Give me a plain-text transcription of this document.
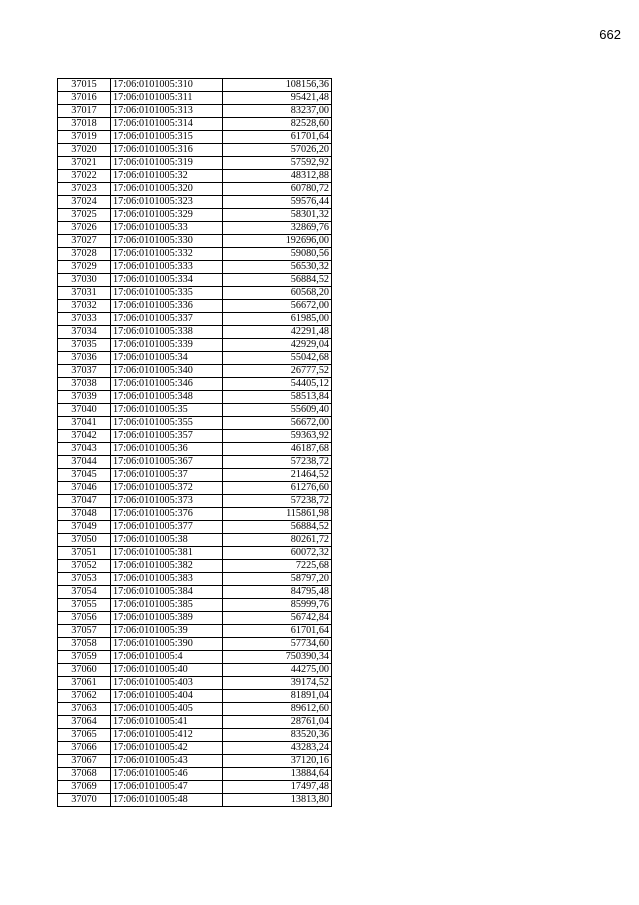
662
37015	17:06:0101005:310	108156,36
37016	17:06:0101005:311	95421,48
37017	17:06:0101005:313	83237,00
37018	17:06:0101005:314	82528,60
37019	17:06:0101005:315	61701,64
37020	17:06:0101005:316	57026,20
37021	17:06:0101005:319	57592,92
37022	17:06:0101005:32	48312,88
37023	17:06:0101005:320	60780,72
37024	17:06:0101005:323	59576,44
37025	17:06:0101005:329	58301,32
37026	17:06:0101005:33	32869,76
37027	17:06:0101005:330	192696,00
37028	17:06:0101005:332	59080,56
37029	17:06:0101005:333	56530,32
37030	17:06:0101005:334	56884,52
37031	17:06:0101005:335	60568,20
37032	17:06:0101005:336	56672,00
37033	17:06:0101005:337	61985,00
37034	17:06:0101005:338	42291,48
37035	17:06:0101005:339	42929,04
37036	17:06:0101005:34	55042,68
37037	17:06:0101005:340	26777,52
37038	17:06:0101005:346	54405,12
37039	17:06:0101005:348	58513,84
37040	17:06:0101005:35	55609,40
37041	17:06:0101005:355	56672,00
37042	17:06:0101005:357	59363,92
37043	17:06:0101005:36	46187,68
37044	17:06:0101005:367	57238,72
37045	17:06:0101005:37	21464,52
37046	17:06:0101005:372	61276,60
37047	17:06:0101005:373	57238,72
37048	17:06:0101005:376	115861,98
37049	17:06:0101005:377	56884,52
37050	17:06:0101005:38	80261,72
37051	17:06:0101005:381	60072,32
37052	17:06:0101005:382	7225,68
37053	17:06:0101005:383	58797,20
37054	17:06:0101005:384	84795,48
37055	17:06:0101005:385	85999,76
37056	17:06:0101005:389	56742,84
37057	17:06:0101005:39	61701,64
37058	17:06:0101005:390	57734,60
37059	17:06:0101005:4	750390,34
37060	17:06:0101005:40	44275,00
37061	17:06:0101005:403	39174,52
37062	17:06:0101005:404	81891,04
37063	17:06:0101005:405	89612,60
37064	17:06:0101005:41	28761,04
37065	17:06:0101005:412	83520,36
37066	17:06:0101005:42	43283,24
37067	17:06:0101005:43	37120,16
37068	17:06:0101005:46	13884,64
37069	17:06:0101005:47	17497,48
37070	17:06:0101005:48	13813,80
